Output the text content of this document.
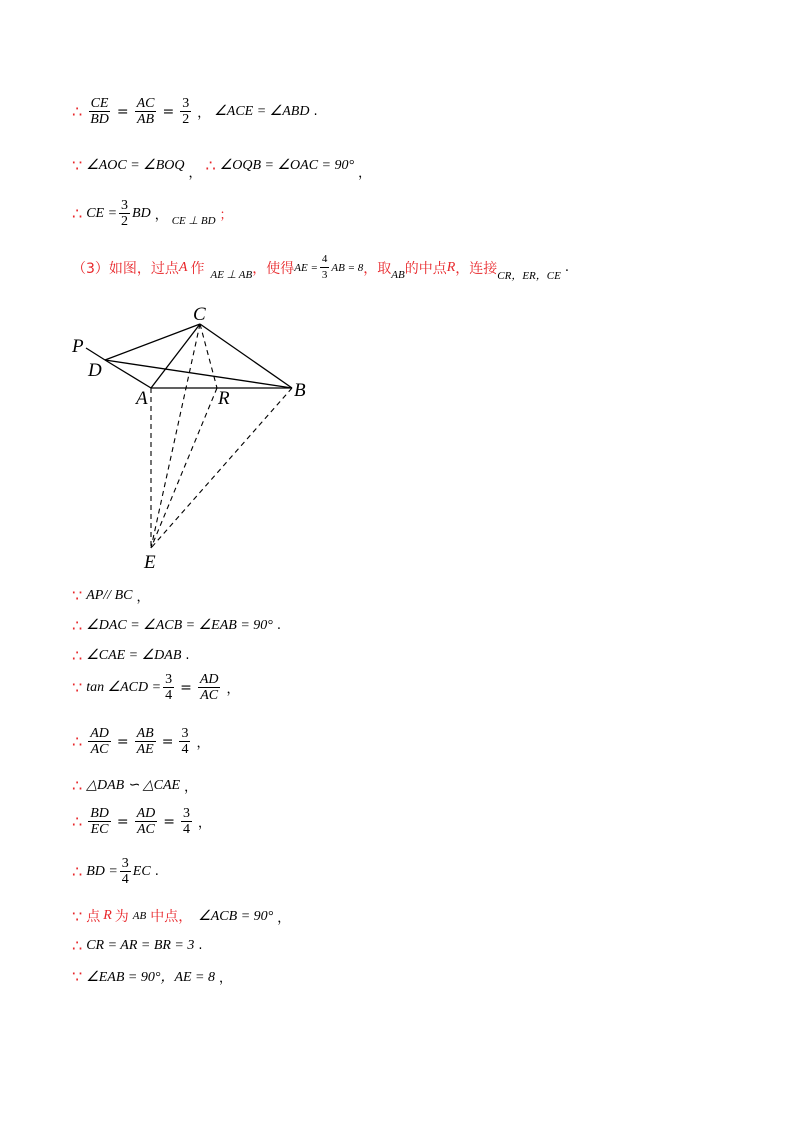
∴ $\frac{CE}{BD} = \frac{AC}{AB} = \frac{3}{2}$ ， ∠ACE = ∠ABD .
∵ ∠AOC = ∠BOQ
， ∴ ∠OQB = ∠OAC = 90°
，
∴ CE = $\frac{3}{2}$ BD ， CE ⊥ BD ；
（3）如图，过点 A 作 AE ⊥ AB ，使得 AE = $\frac{4}{3}$ AB = 8 ，取 AB 的中点 R ，连接 CR，ER，CE
.
P
C
D
A	R	B
E
∵ AP// BC ，
∴ ∠DAC = ∠ACB = ∠EAB = 90° .
∴ ∠CAE = ∠DAB .
∵ tan ∠ACD = $\frac{3}{4} = \frac{AD}{AC}$ ，
∴ $\frac{AD}{AC} = \frac{AB}{AE} = \frac{3}{4}$ ，
∴ △DAB ∽ △CAE ，
∴ $\frac{BD}{EC} = \frac{AD}{AC} = \frac{3}{4}$ ，
∴ BD = $\frac{3}{4}$ EC .
∵ 点 R 为 AB 中点， ∠ACB = 90° ，
∴ CR = AR = BR = 3 .
∵ ∠EAB = 90°，AE = 8 ，
